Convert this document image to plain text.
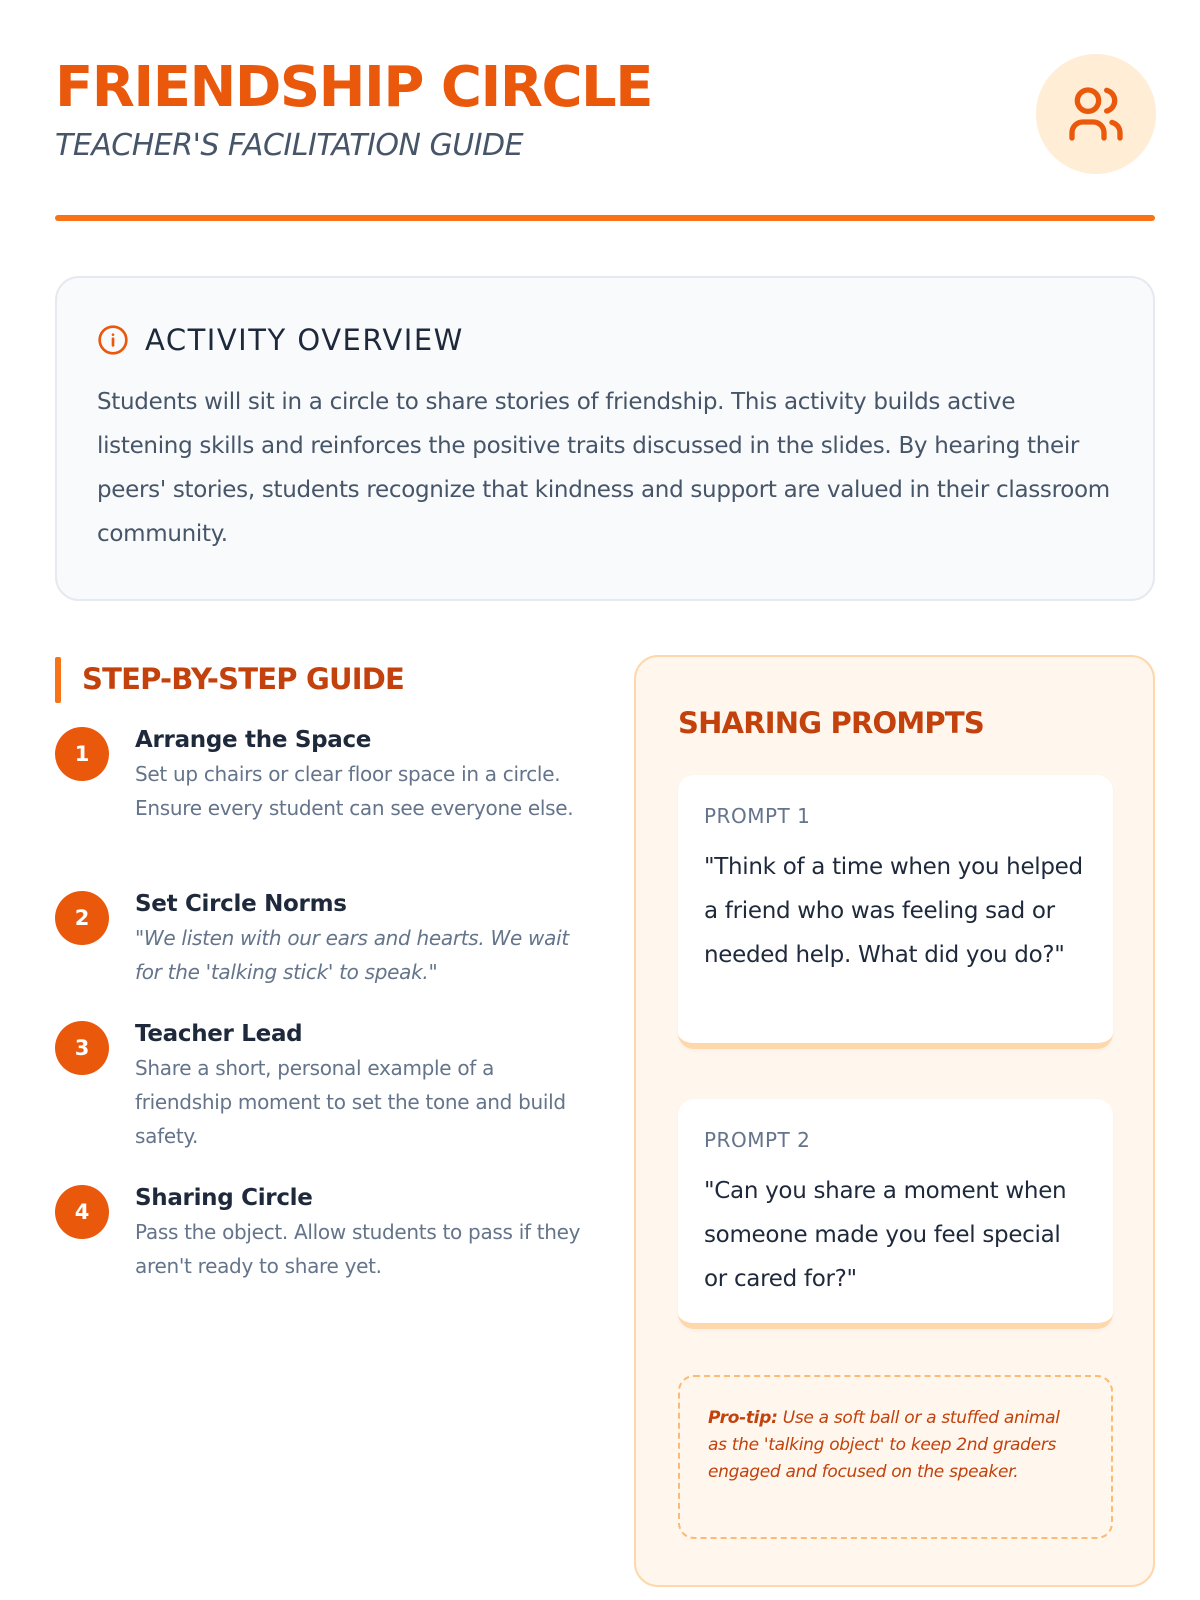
FRIENDSHIP CIRCLE
TEACHER'S FACILITATION GUIDE
ACTIVITY OVERVIEW

Students will sit in a circle to share stories of friendship. This activity builds active listening skills and reinforces the positive traits discussed in the slides. By hearing their peers' stories, students recognize that kindness and support are valued in their classroom community.

STEP-BY-STEP GUIDE
1
Arrange the Space
Set up chairs or clear floor space in a circle. Ensure every student can see everyone else.
2
Set Circle Norms
"We listen with our ears and hearts. We wait for the 'talking stick' to speak."
3
Teacher Lead
Share a short, personal example of a friendship moment to set the tone and build safety.
4
Sharing Circle
Pass the object. Allow students to pass if they aren't ready to share yet.
SHARING PROMPTS
PROMPT 1
"Think of a time when you helped a friend who was feeling sad or needed help. What did you do?"
PROMPT 2
"Can you share a moment when someone made you feel special or cared for?"
Pro-tip: Use a soft ball or a stuffed animal as the 'talking object' to keep 2nd graders engaged and focused on the speaker.
